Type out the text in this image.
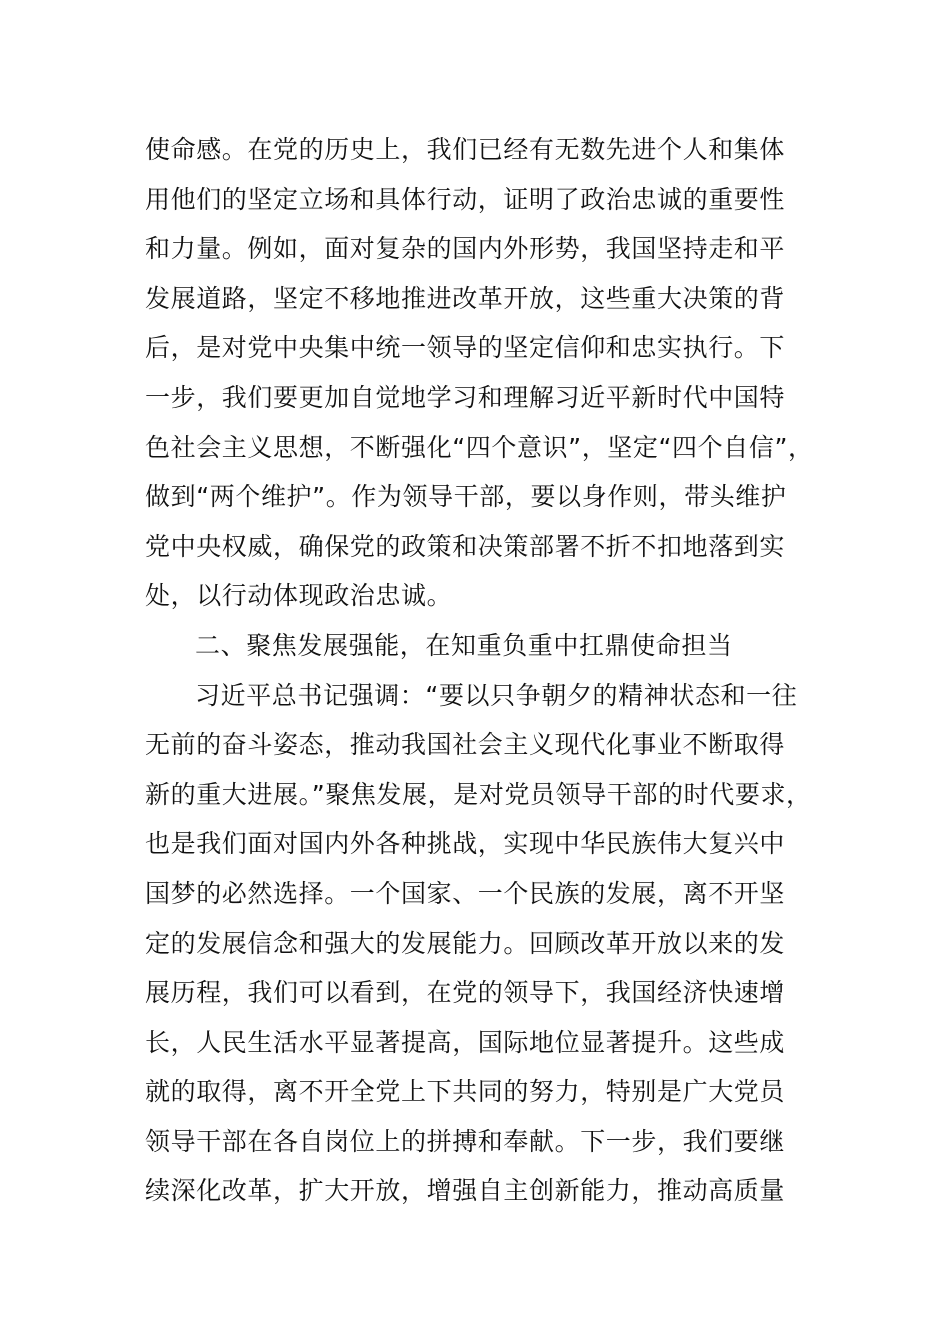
使命感。在党的历史上，我们已经有无数先进个人和集体
用他们的坚定立场和具体行动，证明了政治忠诚的重要性
和力量。例如，面对复杂的国内外形势，我国坚持走和平
发展道路，坚定不移地推进改革开放，这些重大决策的背
后，是对党中央集中统一领导的坚定信仰和忠实执行。下
一步，我们要更加自觉地学习和理解习近平新时代中国特
色社会主义思想，不断强化“四个意识”，坚定“四个自信”，
做到“两个维护”。作为领导干部，要以身作则，带头维护
党中央权威，确保党的政策和决策部署不折不扣地落到实
处，以行动体现政治忠诚。
二、聚焦发展强能，在知重负重中扛鼎使命担当
习近平总书记强调：“要以只争朝夕的精神状态和一往
无前的奋斗姿态，推动我国社会主义现代化事业不断取得
新的重大进展。”聚焦发展，是对党员领导干部的时代要求，
也是我们面对国内外各种挑战，实现中华民族伟大复兴中
国梦的必然选择。一个国家、一个民族的发展，离不开坚
定的发展信念和强大的发展能力。回顾改革开放以来的发
展历程，我们可以看到，在党的领导下，我国经济快速增
长，人民生活水平显著提高，国际地位显著提升。这些成
就的取得，离不开全党上下共同的努力，特别是广大党员
领导干部在各自岗位上的拼搏和奉献。下一步，我们要继
续深化改革，扩大开放，增强自主创新能力，推动高质量
